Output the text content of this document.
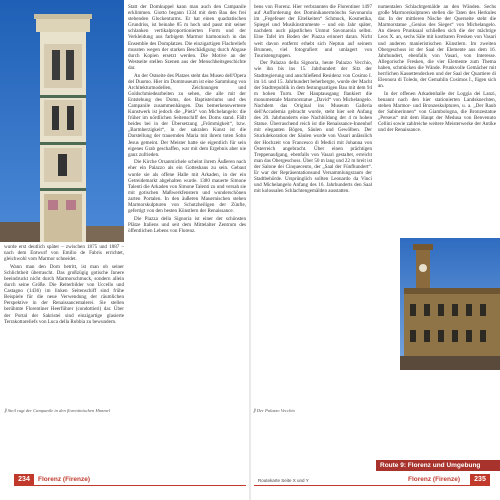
⟫ Steil ragt der Campanile in den florentinischen Himmel	⟫ Der Palazzo Vecchio

wurde erst deutlich später – zwischen 1875 und 1887 – nach dem Entwurf von Emilio de Fabris errichtet, gleichwohl vom Marmor schneidet.

Wann man den Dom betritt, ist man ob seiner Schlichtheit überrascht. Das großzügig gotische Innere beeindruckt nicht durch Marmorschmuck, sondern allein durch seine Größe. Die Reiterbilder von Uccello und Castagno (1436) im linken Seitenschiff sind frühe Beispiele für die neue Verwendung der räumlichen Perspektive in der Renaissancemalerei. Sie stellen berühmte Florentiner Heerführer (condottieri) dar. Über der Portal der Sakristei sind einzigartige glasierte Terrakottareliefs von Luca della Robbia zu bewundern.

Statt der Domkuppel kann man auch den Campanile erklimmen. Giotto begann 1334 mit dem Bau des frei stehenden Glockenturms. Er hat einen quadratischen Grundriss, ist beinahe 85 m hoch und passt mit seiner schlanken vertikalproportionierten Form und der Verkleidung aus farbigem Marmor harmonisch in das Ensemble des Domplatzes. Die einzigartigen Flachreliefs mussten wegen der starken Beschädigung durch Abgase durch Kopien ersetzt werden. Die Motive an der Westseite stellen Szenen aus der Menschheitsgeschichte dar.

An der Ostseite des Platzes steht das Museo dell'Opera del Duomo. Hier im Dommuseum ist eine Sammlung von Architekturmodellen, Zeichnungen und Goldschmiedearbeiten zu sehen, die alle mit der Entstehung des Doms, des Baptisteriums und des Campanile zusammenhängen. Das bemerkenswerteste Kunstwerk ist jedoch die „Pietà“ von Michelangelo: die früher im nördlichen Seitenschiff des Doms stand. Fällt beides bei in der Übersetzung „Frömmigkeit“, bzw. „Barmherzigkeit“, in der sakralen Kunst ist die Darstellung der trauernden Maria mit ihrem toten Sohn Jesus gemeint. Der Meister hatte sie eigentlich für sein eigenes Grab geschaffen, war mit dem Ergebnis aber nie ganz zufrieden.

Die Kirche Orsanmichele scheint ihrem Äußeren nach eher ein Palazzo als ein Gotteshaus zu sein. Gebaut wurde sie als offene Halle mit Arkaden, in der ein Getreidemarkt abgehalten wurde. 1380 mauerte Simone Talenti die Arkaden von Simone Talenti zu und versah sie mit gotischen Maßwerkfenstern und wunderschönen zarten Portalen. In den äußeren Mauernischen stehen Marmorskulpturen von Schutzheiligen der Zünfte, gefertigt von den besten Künstlern der Renaissance.

Die Piazza della Signoria ist einer der schönsten Plätze Italiens und seit dem Mittelalter Zentrum des öffentlichen Lebens von Florenz.

bens von Florenz. Hier verbrannten die Florentiner 1497 auf Aufforderung des Dominikanermönchs Savonarola im „Fegefeuer der Eitelkeiten“ Schmuck, Kosmetika, Spiegel und Musikinstrumente – und ein Jahr später, nachdem auch päpstlichen Unmut Savonarola selbst. Eine Tafel im Boden der Piazza erinnert daran. Nicht weit davon entfernt erhebt sich Neptun auf seinem Brunnen, viel fotografiert und umlagert von Touristengruppen.

Der Palazzo della Signoria, heute Palazzo Vecchio, wie ihn bis ins 15. Jahrhundert der Sitz der Stadtregierung und anschließend Residenz von Cosimo I. im 14. und 15. Jahrhundert beherbergte, wurde der Macht der Stadtrepublik in dem festungsartigen Bau mit dem 94 m hohen Turm. Der Hauptausgang flankiert die monumentale Marmorstatue „David“ von Michelangelo. Nachdem das Original ins Museum Galleria dell'Accademia gebracht wurde, steht hier seit Anfang des 20. Jahrhunderts eine Nachbildung der 4 m hohen Statue. Überraschend reich ist die Renaissance-Innenhof mit eleganten Bögen, Säulen und Gewölben. Der Stuckdekoration der Säulen wurde von Vasari anlässlich der Hochzeit von Francesco di Medici mit Johanna von Österreich angebracht. Über einen prächtigen Treppenaufgang, ebenfalls von Vasari gestaltet, erreicht man das Obergeschoss. Über 50 m lang und 22 m breit ist der Salone dei Cinquecento, der „Saal der Fünfhundert“. Er war der Repräsentationsund Versammlungsraum der Stadtbehörde. Ursprünglich sollten Leonardo da Vinci und Michelangelo Anfang des 16. Jahrhunderts den Saal mit kolossalen Schlachtengemälden ausstatten.

numentalen Schlachtgemälde an den Wänden. Sechs große Marmorskulpturen stellen die Taten des Herkules dar. In der mittleren Nische der Querseite steht die Marmorstatue „Genius des Sieges“ von Michelangelo. An diesen Prunksaal schließen sich die der mächtige Leos X. an, sechs Säle mit kostbaren Fresken von Vasari und anderen manieristischen Künstlern. Im zweiten Obergeschoss ist der Saal der Elemente aus dem 16. Jahrhundert, ebenfalls von Vasari, von Interesse. Allegorische Fresken, die vier Elemente zum Thema haben, schmücken die Wände. Prunkvolle Gemächer mit herrlichen Kassettendecken und der Saal der Quartiere di Eleonora di Toledo, der Gemahlin Cosimos I., fügen sich an.

In der offenen Arkadenhalle der Loggia dei Lanzi, benannt nach den hier stationierten Landsknechten, stehen Marmor- und Bronzeskulpturen, u. a. „Der Raub der Sabinerinnen“ von Giambologna, die Bronzestatue „Perseus“ mit dem Haupt der Medusa von Benvenuto Cellini sowie zahlreiche weitere Meisterwerke der Antike und der Renaissance.

Route 9: Florenz und Umgebung
234	Florenz (Firenze)	Routekarte Seite X und Y	Florenz (Firenze)	235
